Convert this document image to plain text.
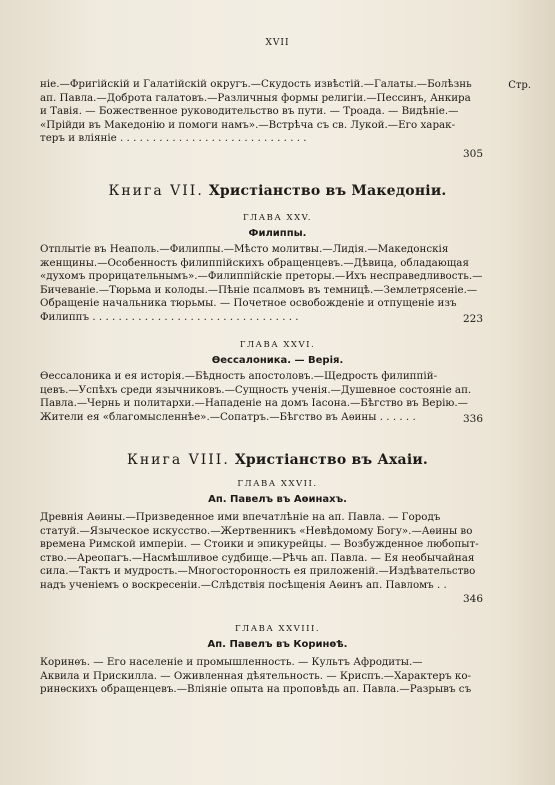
XVII
Стр.
ніе.—Фригійскій и Галатійскій округъ.—Скудость извѣстій.—Галаты.—Болѣзнь
ап. Павла.—Доброта галатовъ.—Различныя формы религіи.—Пессинъ, Анкира
и Тавія. — Божественное руководительство въ пути. — Троада. — Видѣніе.—
«Прійди въ Македонію и помоги намъ».—Встрѣча съ св. Лукой.—Его харак-
теръ и вліяніе . . . . . . . . . . . . . . . . . . . . . . . . . . . . .
305
Книга VII. Христіанство въ Македоніи.
ГЛАВА XXV.
Филиппы.
Отплытіе въ Неаполь.—Филиппы.—Мѣсто молитвы.—Лидія.—Македонскія
женщины.—Особенность филиппійскихъ обращенцевъ.—Дѣвица, обладающая
«духомъ прорицательнымъ».—Филиппійскіе преторы.—Ихъ несправедливость.—
Бичеваніе.—Тюрьма и колоды.—Пѣніе псалмовъ въ темницѣ.—Землетрясеніе.—
Обращеніе начальника тюрьмы. — Почетное освобожденіе и отпущеніе изъ
Филиппъ . . . . . . . . . . . . . . . . . . . . . . . . . . . . . . . .	223
ГЛАВА XXVI.
Өессалоника. — Верія.
Өессалоника и ея исторія.—Бѣдность апостоловъ.—Щедрость филиппій-
цевъ.—Успѣхъ среди язычниковъ.—Сущность ученія.—Душевное состояніе ап.
Павла.—Чернь и политархи.—Нападеніе на домъ Іасона.—Бѣгство въ Верію.—
Жители ея «благомысленнѣе».—Сопатръ.—Бѣгство въ Аѳины . . . . . .	336
Книга VIII. Христіанство въ Ахаіи.
ГЛАВА XXVII.
Ап. Павелъ въ Аѳинахъ.
Древнія Аѳины.—Призведенное ими впечатлѣніе на ап. Павла. — Городъ
статуй.—Языческое искусство.—Жертвенникъ «Невѣдомому Богу».—Аѳины во
времена Римской имперіи. — Стоики и эпикурейцы. — Возбужденное любопыт-
ство.—Ареопагъ.—Насмѣшливое судбище.—Рѣчь ап. Павла. — Ея необычайная
сила.—Тактъ и мудрость.—Многосторонность ея приложеній.—Издѣвательство
надъ ученіемъ о воскресеніи.—Слѣдствія посѣщенія Аѳинъ ап. Павломъ . .
346
ГЛАВА XXVIII.
Ап. Павелъ въ Коринѳѣ.
Коринѳъ. — Его населеніе и промышленность. — Культъ Афродиты.—
Аквила и Прискилла. — Оживленная дѣятельность. — Криспъ.—Характеръ ко-
ринѳскихъ обращенцевъ.—Вліяніе опыта на проповѣдь ап. Павла.—Разрывъ съ
